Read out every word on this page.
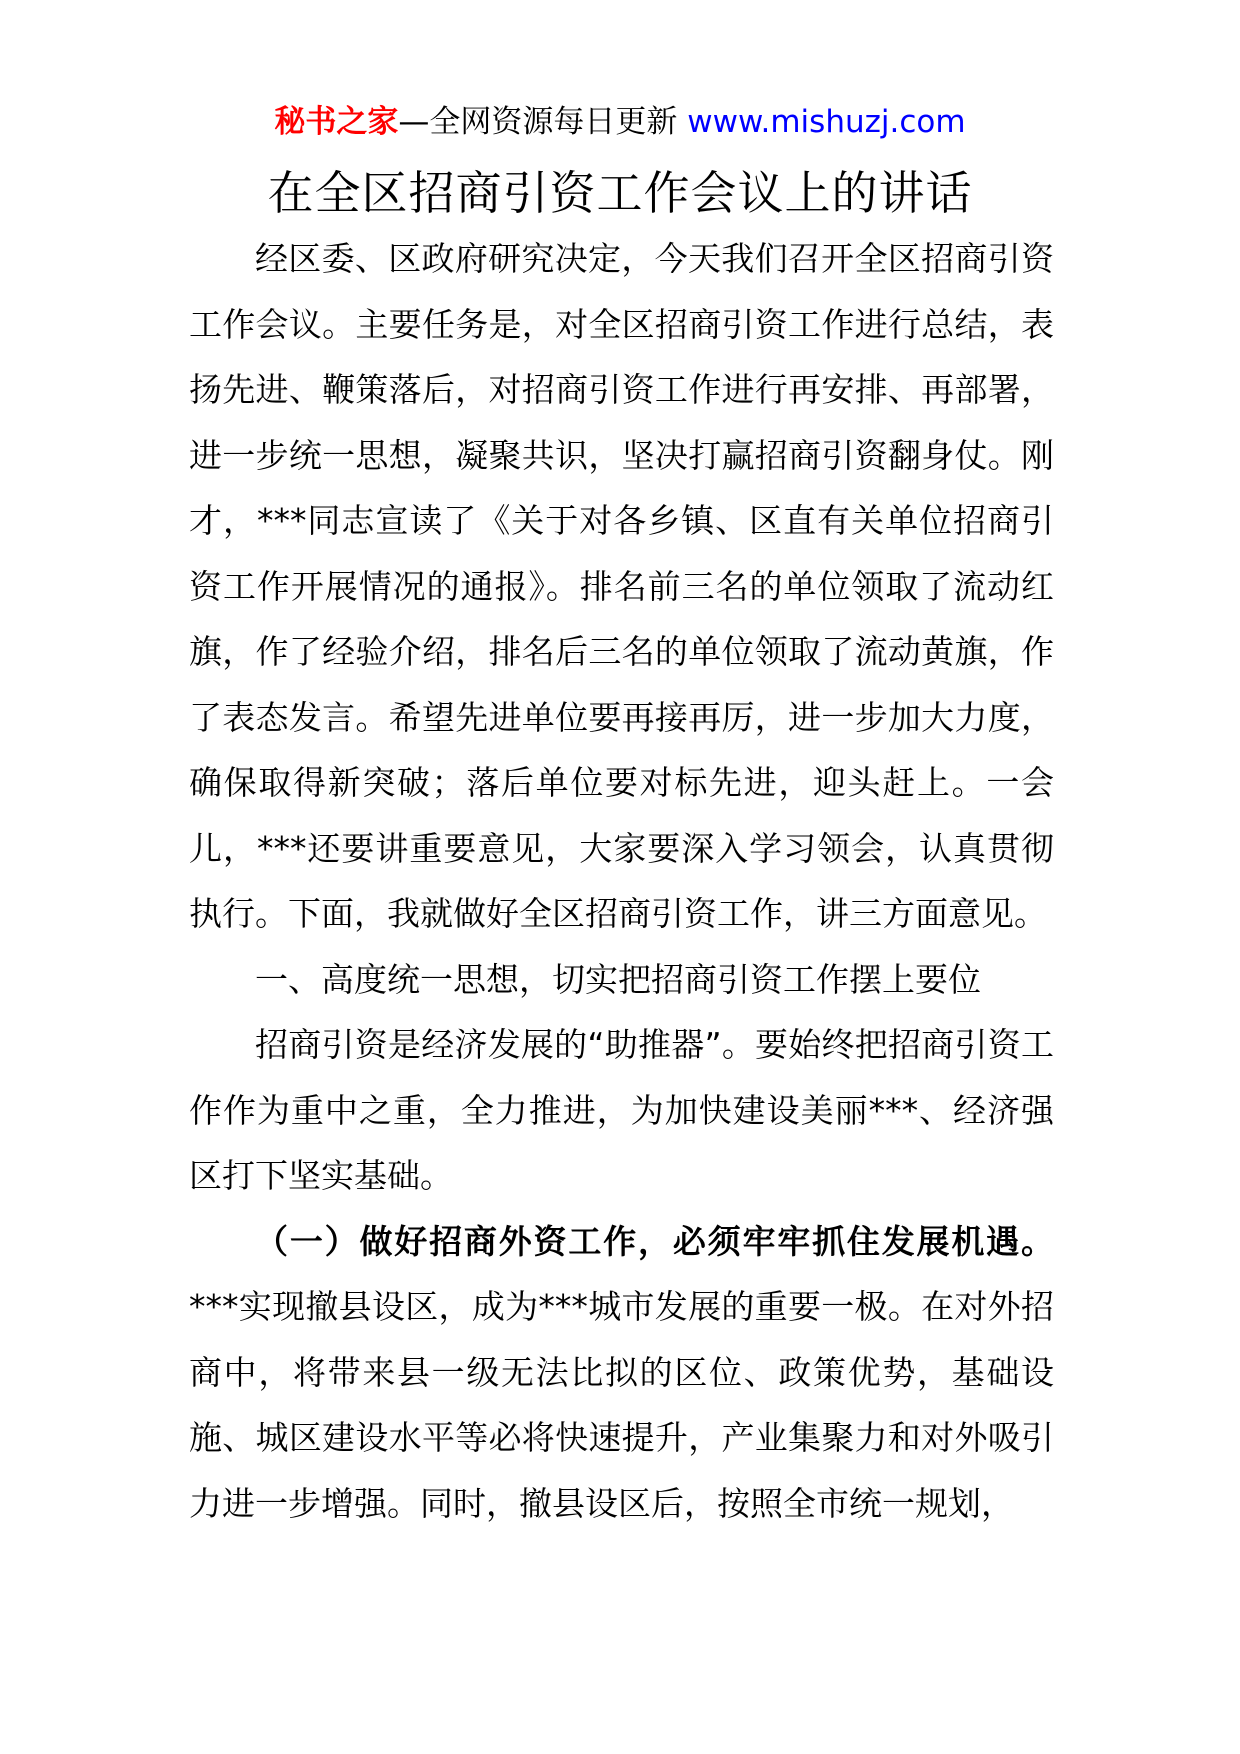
秘书之家—全网资源每日更新 www.mishuzj.com
在全区招商引资工作会议上的讲话

经区委、区政府研究决定，今天我们召开全区招商引资工作会议。主要任务是，对全区招商引资工作进行总结，表扬先进、鞭策落后，对招商引资工作进行再安排、再部署，进一步统一思想，凝聚共识，坚决打赢招商引资翻身仗。刚才，***同志宣读了《关于对各乡镇、区直有关单位招商引资工作开展情况的通报》。排名前三名的单位领取了流动红旗，作了经验介绍，排名后三名的单位领取了流动黄旗，作了表态发言。希望先进单位要再接再厉，进一步加大力度，确保取得新突破；落后单位要对标先进，迎头赶上。一会儿，***还要讲重要意见，大家要深入学习领会，认真贯彻执行。下面，我就做好全区招商引资工作，讲三方面意见。

一、高度统一思想，切实把招商引资工作摆上要位

招商引资是经济发展的“助推器”。要始终把招商引资工作作为重中之重，全力推进，为加快建设美丽***、经济强区打下坚实基础。

（一）做好招商外资工作，必须牢牢抓住发展机遇。***实现撤县设区，成为***城市发展的重要一极。在对外招商中，将带来县一级无法比拟的区位、政策优势，基础设施、城区建设水平等必将快速提升，产业集聚力和对外吸引力进一步增强。同时，撤县设区后，按照全市统一规划，
